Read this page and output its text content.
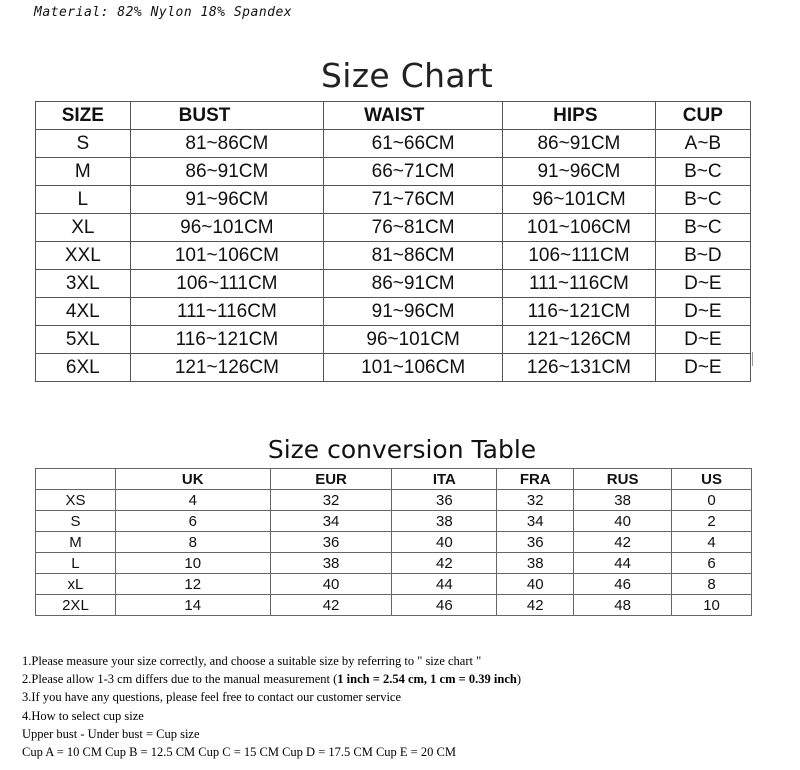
Material: 82% Nylon 18% Spandex
Size Chart
SIZE	BUST	WAIST	HIPS	CUP
S	81~86CM	61~66CM	86~91CM	A~B
M	86~91CM	66~71CM	91~96CM	B~C
L	91~96CM	71~76CM	96~101CM	B~C
XL	96~101CM	76~81CM	101~106CM	B~C
XXL	101~106CM	81~86CM	106~111CM	B~D
3XL	106~111CM	86~91CM	111~116CM	D~E
4XL	111~116CM	91~96CM	116~121CM	D~E
5XL	116~121CM	96~101CM	121~126CM	D~E
6XL	121~126CM	101~106CM	126~131CM	D~E
Size conversion Table
	UK	EUR	ITA	FRA	RUS	US
XS	4	32	36	32	38	0
S	6	34	38	34	40	2
M	8	36	40	36	42	4
L	10	38	42	38	44	6
xL	12	40	44	40	46	8
2XL	14	42	46	42	48	10
1.Please measure your size correctly, and choose a suitable size by referring to " size chart "
2.Please allow 1-3 cm differs due to the manual measurement (1 inch = 2.54 cm, 1 cm = 0.39 inch)
3.If you have any questions, please feel free to contact our customer service
4.How to select cup size
Upper bust - Under bust = Cup size
Cup A = 10 CM Cup B = 12.5 CM Cup C = 15 CM Cup D = 17.5 CM Cup E = 20 CM
